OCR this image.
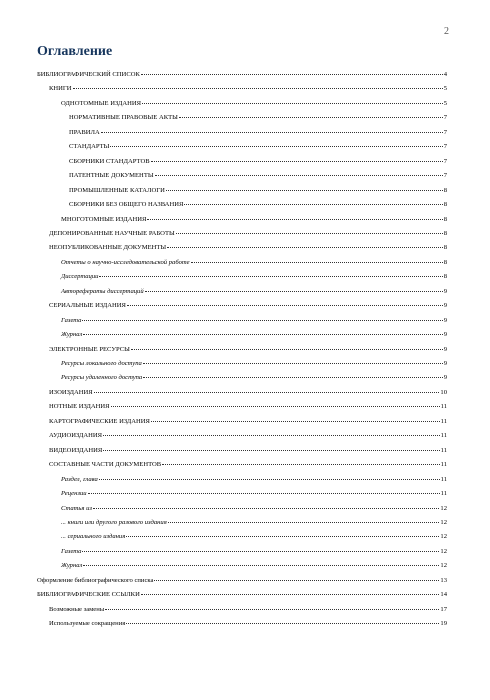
2
Оглавление
БИБЛИОГРАФИЧЕСКИЙ СПИСОК	4
КНИГИ	5
ОДНОТОМНЫЕ ИЗДАНИЯ	5
НОРМАТИВНЫЕ ПРАВОВЫЕ АКТЫ	7
ПРАВИЛА	7
СТАНДАРТЫ	7
СБОРНИКИ СТАНДАРТОВ	7
ПАТЕНТНЫЕ ДОКУМЕНТЫ	7
ПРОМЫШЛЕННЫЕ КАТАЛОГИ	8
СБОРНИКИ БЕЗ ОБЩЕГО НАЗВАНИЯ	8
МНОГОТОМНЫЕ ИЗДАНИЯ	8
ДЕПОНИРОВАННЫЕ НАУЧНЫЕ РАБОТЫ	8
НЕОПУБЛИКОВАННЫЕ ДОКУМЕНТЫ	8
Отчеты о научно-исследовательской работе	8
Диссертации	8
Авторефераты диссертаций	9
СЕРИАЛЬНЫЕ ИЗДАНИЯ	9
Газета	9
Журнал	9
ЭЛЕКТРОННЫЕ РЕСУРСЫ	9
Ресурсы локального доступа	9
Ресурсы удаленного доступа	9
ИЗОИЗДАНИЯ	10
НОТНЫЕ ИЗДАНИЯ	11
КАРТОГРАФИЧЕСКИЕ ИЗДАНИЯ	11
АУДИОИЗДАНИЯ	11
ВИДЕОИЗДАНИЯ	11
СОСТАВНЫЕ ЧАСТИ ДОКУМЕНТОВ	11
Раздел, глава	11
Рецензии	11
Статья из	12
... книги или другого разового издания	12
... сериального издания	12
Газета	12
Журнал	12
Оформление библиографического списка	13
БИБЛИОГРАФИЧЕСКИЕ ССЫЛКИ	14
Возможные замены	17
Используемые сокращения	19
